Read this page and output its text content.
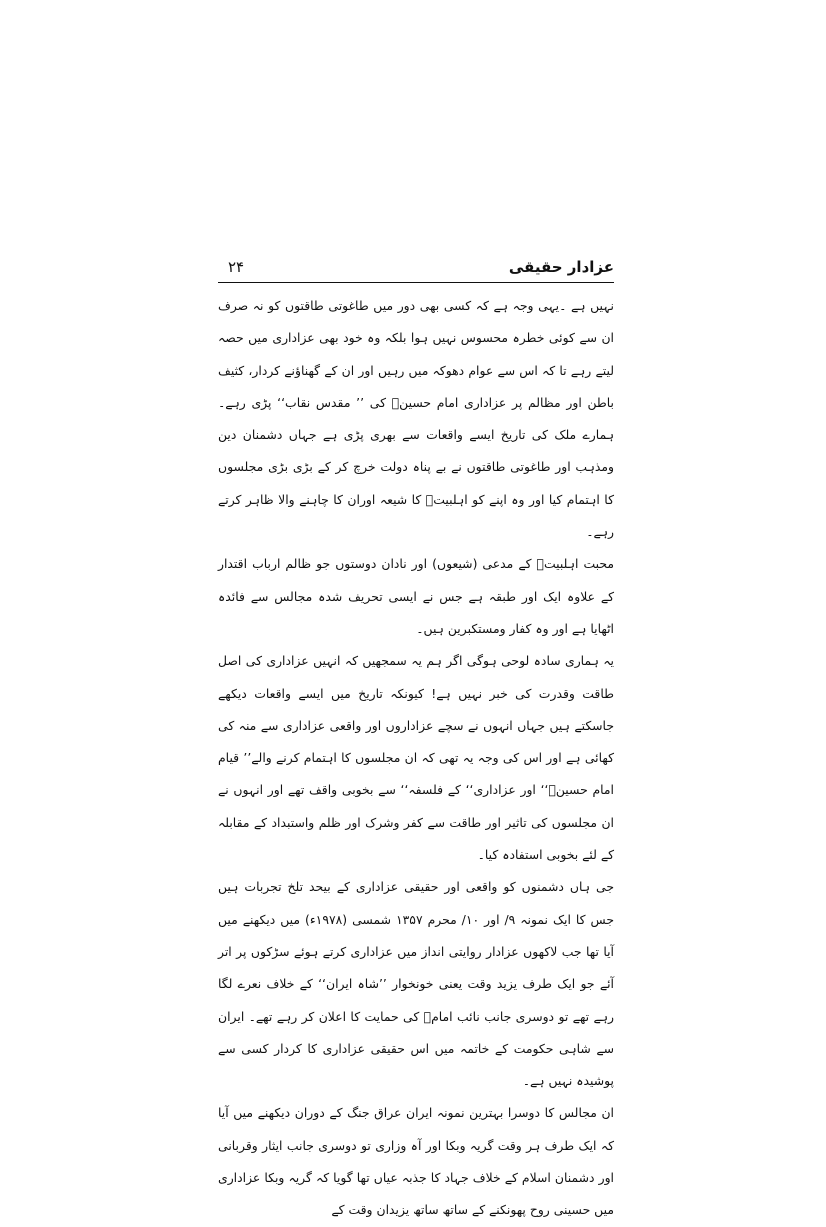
عزادار حقیقی
۲۴

نہیں ہے ۔یہی وجہ ہے کہ کسی بھی دور میں طاغوتی طاقتوں کو نہ صرف ان سے کوئی خطرہ محسوس نہیں ہوا بلکہ وہ خود بھی عزاداری میں حصہ لیتے رہے تا کہ اس سے عوام دھوکہ میں رہیں اور ان کے گھناؤنے کردار، کثیف باطن اور مظالم پر عزاداری امام حسینؑ کی ’’ مقدس نقاب‘‘ پڑی رہے۔ ہمارے ملک کی تاریخ ایسے واقعات سے بھری پڑی ہے جہاں دشمنان دین ومذہب اور طاغوتی طاقتوں نے بے پناہ دولت خرچ کر کے بڑی بڑی مجلسوں کا اہتمام کیا اور وہ اپنے کو اہلبیتؑ کا شیعہ اوران کا چاہنے والا ظاہر کرتے رہے۔

محبت اہلبیتؑ کے مدعی (شیعوں) اور نادان دوستوں جو ظالم ارباب اقتدار کے علاوہ ایک اور طبقہ ہے جس نے ایسی تحریف شدہ مجالس سے فائدہ اٹھایا ہے اور وہ کفار ومستکبرین ہیں۔

یہ ہماری سادہ لوحی ہوگی اگر ہم یہ سمجھیں کہ انہیں عزاداری کی اصل طاقت وقدرت کی خبر نہیں ہے! کیونکہ تاریخ میں ایسے واقعات دیکھے جاسکتے ہیں جہاں انہوں نے سچے عزاداروں اور واقعی عزاداری سے منہ کی کھائی ہے اور اس کی وجہ یہ تھی کہ ان مجلسوں کا اہتمام کرنے والے’’ قیام امام حسینؑ‘‘ اور عزاداری‘‘ کے فلسفہ‘‘ سے بخوبی واقف تھے اور انہوں نے ان مجلسوں کی تاثیر اور طاقت سے کفر وشرک اور ظلم واستبداد کے مقابلہ کے لئے بخوبی استفادہ کیا۔

جی ہاں دشمنوں کو واقعی اور حقیقی عزاداری کے بیحد تلخ تجربات ہیں جس کا ایک نمونہ ۹/ اور ۱۰/ محرم ۱۳۵۷ شمسی (۱۹۷۸ء) میں دیکھنے میں آیا تھا جب لاکھوں عزادار روایتی انداز میں عزاداری کرتے ہوئے سڑکوں پر اتر آئے جو ایک طرف یزید وقت یعنی خونخوار ’’شاہ ایران‘‘ کے خلاف نعرے لگا رہے تھے تو دوسری جانب نائب امامؑ کی حمایت کا اعلان کر رہے تھے۔ ایران سے شاہی حکومت کے خاتمہ میں اس حقیقی عزاداری کا کردار کسی سے پوشیدہ نہیں ہے۔

ان مجالس کا دوسرا بہترین نمونہ ایران عراق جنگ کے دوران دیکھنے میں آیا کہ ایک طرف ہر وقت گریہ وبکا اور آہ وزاری تو دوسری جانب ایثار وقربانی اور دشمنان اسلام کے خلاف جہاد کا جذبہ عیاں تھا گویا کہ گریہ وبکا عزاداری میں حسینی روح پھونکنے کے ساتھ ساتھ یزیدان وقت کے
